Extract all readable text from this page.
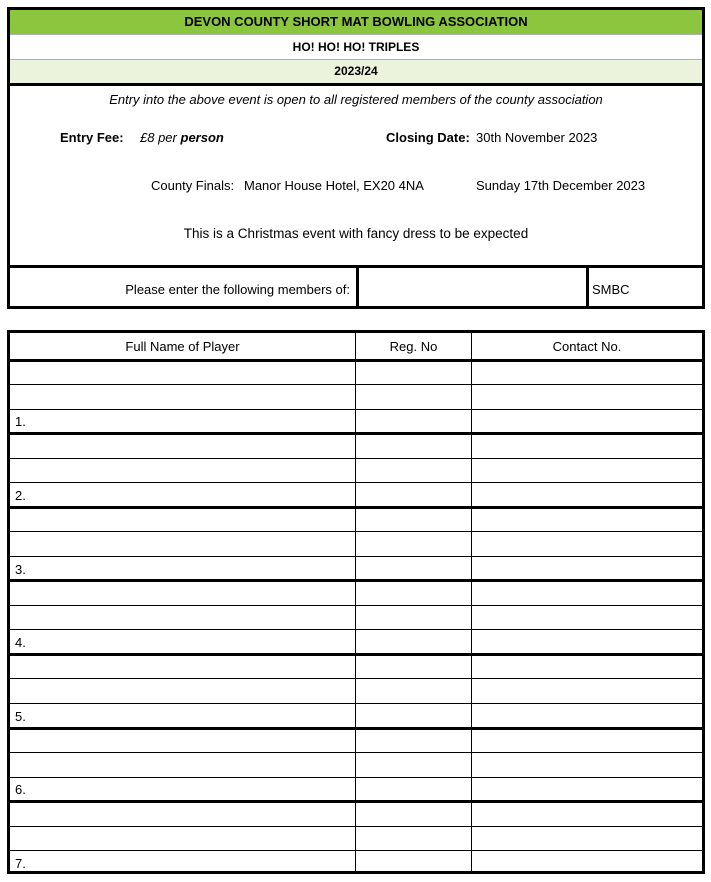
DEVON COUNTY SHORT MAT BOWLING ASSOCIATION
HO! HO! HO! TRIPLES
2023/24
Entry into the above event is open to all registered members of the county association
Entry Fee: £8 per person	Closing Date: 30th November 2023
County Finals: Manor House Hotel, EX20 4NA	Sunday 17th December 2023
This is a Christmas event with fancy dress to be expected
Please enter the following members of:	SMBC
Full Name of Player	Reg. No	Contact No.
1.
2.
3.
4.
5.
6.
7.
